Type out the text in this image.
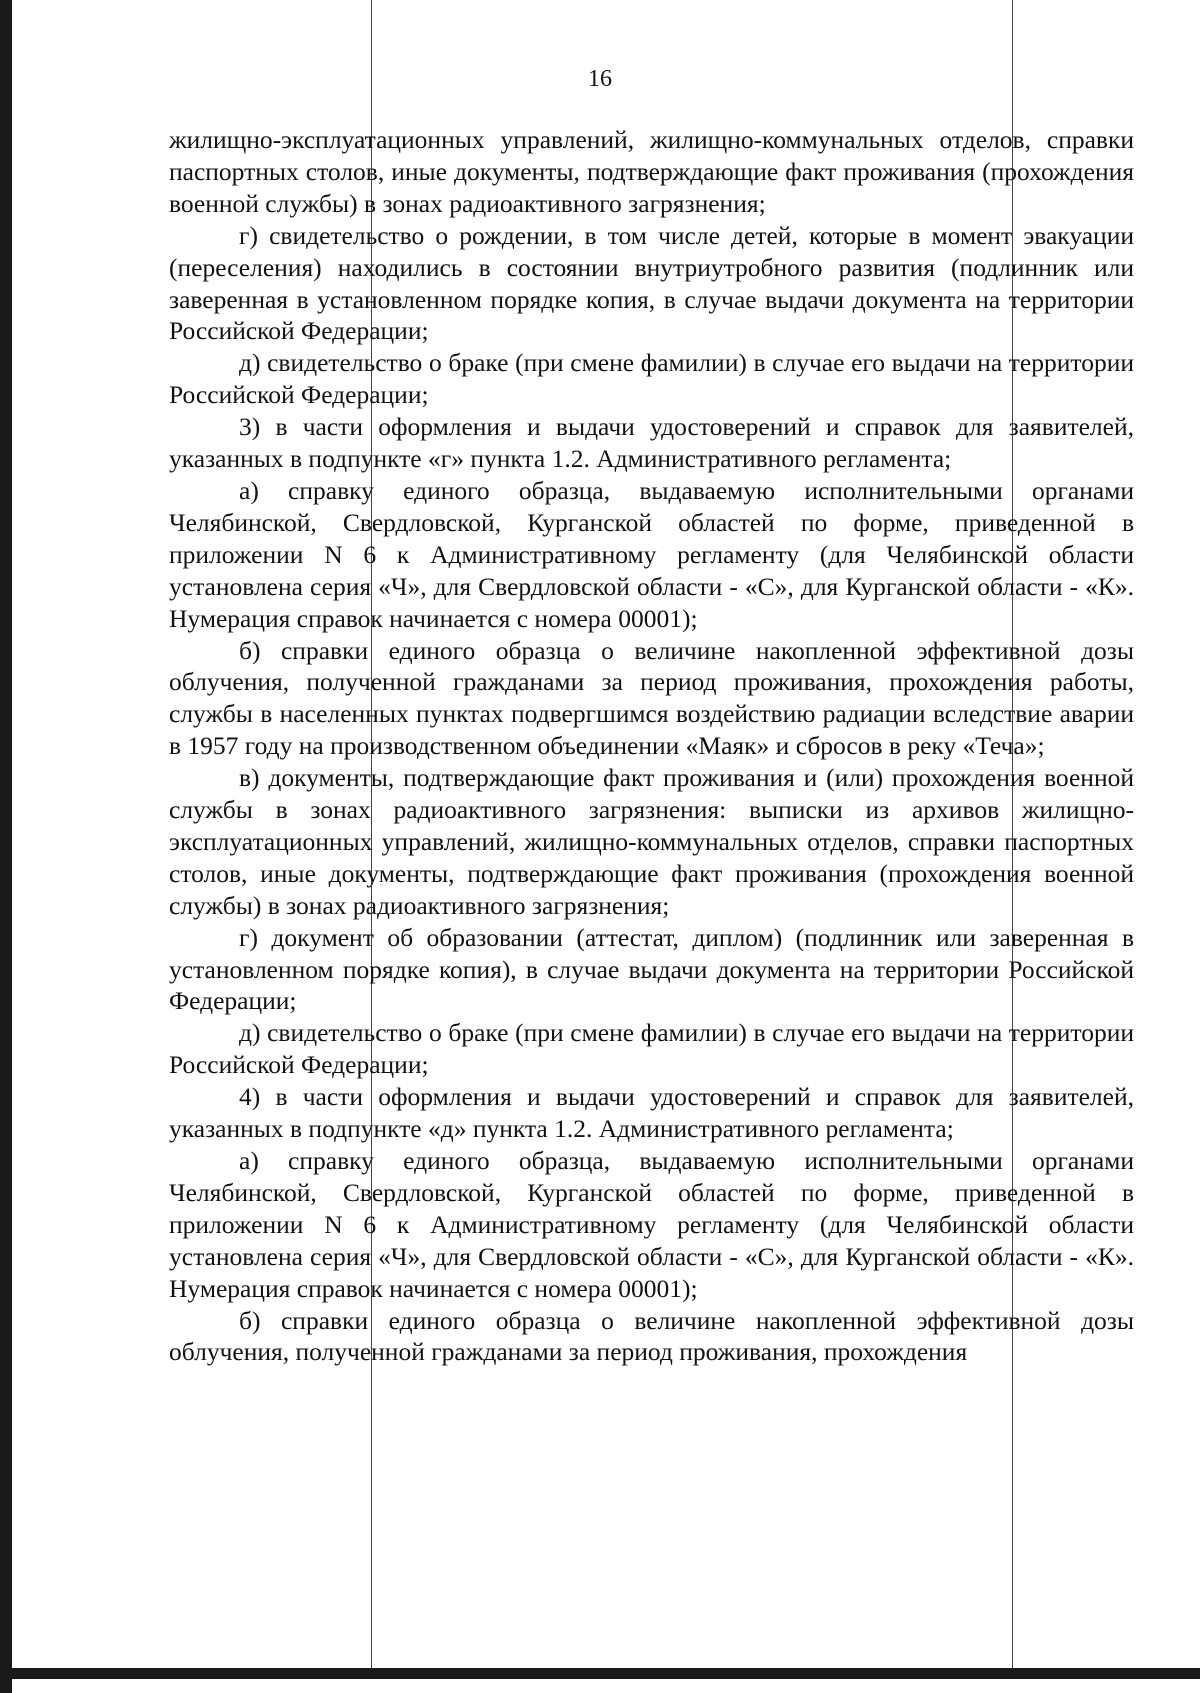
16

жилищно-эксплуатационных управлений, жилищно-коммунальных отделов, справки паспортных столов, иные документы, подтверждающие факт проживания (прохождения военной службы) в зонах радиоактивного загрязнения;

г) свидетельство о рождении, в том числе детей, которые в момент эвакуации (переселения) находились в состоянии внутриутробного развития (подлинник или заверенная в установленном порядке копия, в случае выдачи документа на территории Российской Федерации;

д) свидетельство о браке (при смене фамилии) в случае его выдачи на территории Российской Федерации;

3) в части оформления и выдачи удостоверений и справок для заявителей, указанных в подпункте «г» пункта 1.2. Административного регламента;

а) справку единого образца, выдаваемую исполнительными органами Челябинской, Свердловской, Курганской областей по форме, приведенной в приложении N 6 к Административному регламенту (для Челябинской области установлена серия «Ч», для Свердловской области - «С», для Курганской области - «К». Нумерация справок начинается с номера 00001);

б) справки единого образца о величине накопленной эффективной дозы облучения, полученной гражданами за период проживания, прохождения работы, службы в населенных пунктах подвергшимся воздействию радиации вследствие аварии в 1957 году на производственном объединении «Маяк» и сбросов в реку «Теча»;

в) документы, подтверждающие факт проживания и (или) прохождения военной службы в зонах радиоактивного загрязнения: выписки из архивов жилищно-эксплуатационных управлений, жилищно-коммунальных отделов, справки паспортных столов, иные документы, подтверждающие факт проживания (прохождения военной службы) в зонах радиоактивного загрязнения;

г) документ об образовании (аттестат, диплом) (подлинник или заверенная в установленном порядке копия), в случае выдачи документа на территории Российской Федерации;

д) свидетельство о браке (при смене фамилии) в случае его выдачи на территории Российской Федерации;

4) в части оформления и выдачи удостоверений и справок для заявителей, указанных в подпункте «д» пункта 1.2. Административного регламента;

а) справку единого образца, выдаваемую исполнительными органами Челябинской, Свердловской, Курганской областей по форме, приведенной в приложении N 6 к Административному регламенту (для Челябинской области установлена серия «Ч», для Свердловской области - «С», для Курганской области - «К». Нумерация справок начинается с номера 00001);

б) справки единого образца о величине накопленной эффективной дозы облучения, полученной гражданами за период проживания, прохождения
